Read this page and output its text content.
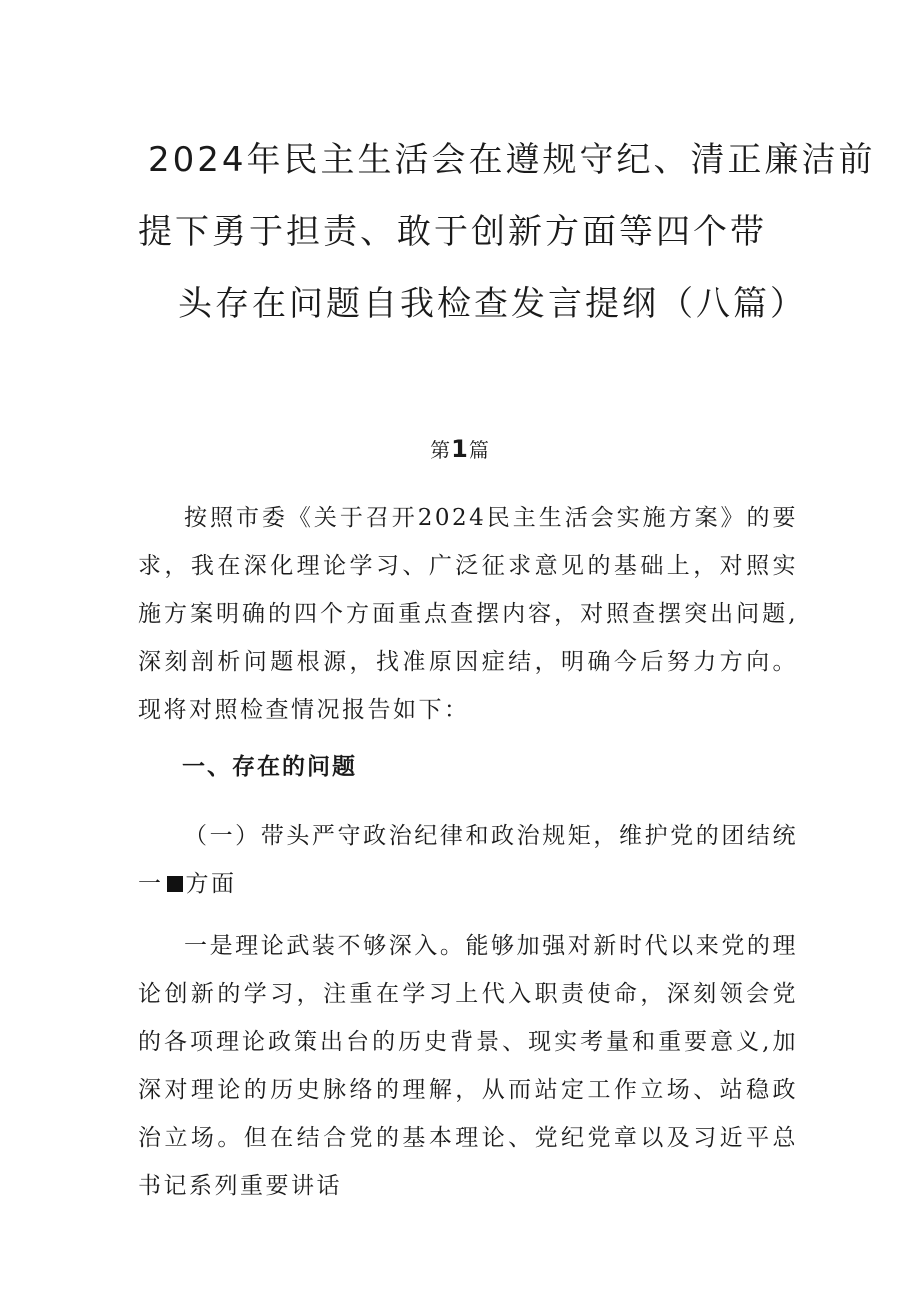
2024年民主生活会在遵规守纪、清正廉洁前
提下勇于担责、敢于创新方面等四个带
头存在问题自我检查发言提纲（八篇）
第1篇

按照市委《关于召开2024民主生活会实施方案》的要求，我在深化理论学习、广泛征求意见的基础上，对照实施方案明确的四个方面重点查摆内容，对照查摆突出问题,深刻剖析问题根源，找准原因症结，明确今后努力方向。现将对照检查情况报告如下：

一、存在的问题

（一）带头严守政治纪律和政治规矩，维护党的团结统一 方面

一是理论武装不够深入。能够加强对新时代以来党的理论创新的学习，注重在学习上代入职责使命，深刻领会党的各项理论政策出台的历史背景、现实考量和重要意义,加深对理论的历史脉络的理解，从而站定工作立场、站稳政治立场。但在结合党的基本理论、党纪党章以及习近平总书记系列重要讲话
